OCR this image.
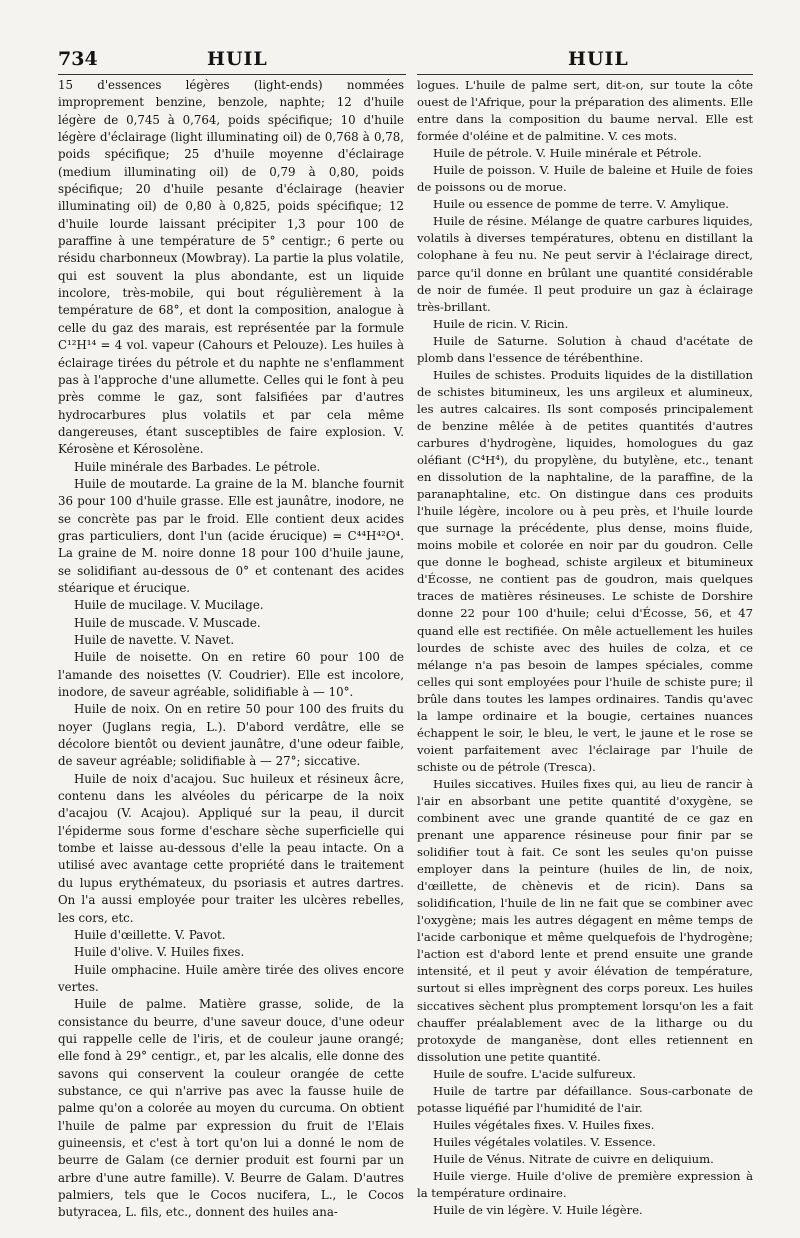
734	HUIL	HUIL

15 d'essences légères (light-ends) nommées improprement benzine, benzole, naphte; 12 d'huile légère de 0,745 à 0,764, poids spécifique; 10 d'huile légère d'éclairage (light illuminating oil) de 0,768 à 0,78, poids spécifique; 25 d'huile moyenne d'éclairage (medium illuminating oil) de 0,79 à 0,80, poids spécifique; 20 d'huile pesante d'éclairage (heavier illuminating oil) de 0,80 à 0,825, poids spécifique; 12 d'huile lourde laissant précipiter 1,3 pour 100 de paraffine à une température de 5° centigr.; 6 perte ou résidu charbonneux (Mowbray). La partie la plus volatile, qui est souvent la plus abondante, est un liquide incolore, très-mobile, qui bout régulièrement à la température de 68°, et dont la composition, analogue à celle du gaz des marais, est représentée par la formule C¹²H¹⁴ = 4 vol. vapeur (Cahours et Pelouze). Les huiles à éclairage tirées du pétrole et du naphte ne s'enflamment pas à l'approche d'une allumette. Celles qui le font à peu près comme le gaz, sont falsifiées par d'autres hydrocarbures plus volatils et par cela même dangereuses, étant susceptibles de faire explosion. V. Kérosène et Kérosolène.

Huile minérale des Barbades. Le pétrole.

Huile de moutarde. La graine de la M. blanche fournit 36 pour 100 d'huile grasse. Elle est jaunâtre, inodore, ne se concrète pas par le froid. Elle contient deux acides gras particuliers, dont l'un (acide érucique) = C⁴⁴H⁴²O⁴. La graine de M. noire donne 18 pour 100 d'huile jaune, se solidifiant au-dessous de 0° et contenant des acides stéarique et érucique.

Huile de mucilage. V. Mucilage.

Huile de muscade. V. Muscade.

Huile de navette. V. Navet.

Huile de noisette. On en retire 60 pour 100 de l'amande des noisettes (V. Coudrier). Elle est incolore, inodore, de saveur agréable, solidifiable à — 10°.

Huile de noix. On en retire 50 pour 100 des fruits du noyer (Juglans regia, L.). D'abord verdâtre, elle se décolore bientôt ou devient jaunâtre, d'une odeur faible, de saveur agréable; solidifiable à — 27°; siccative.

Huile de noix d'acajou. Suc huileux et résineux âcre, contenu dans les alvéoles du péricarpe de la noix d'acajou (V. Acajou). Appliqué sur la peau, il durcit l'épiderme sous forme d'eschare sèche superficielle qui tombe et laisse au-dessous d'elle la peau intacte. On a utilisé avec avantage cette propriété dans le traitement du lupus erythémateux, du psoriasis et autres dartres. On l'a aussi employée pour traiter les ulcères rebelles, les cors, etc.

Huile d'œillette. V. Pavot.

Huile d'olive. V. Huiles fixes.

Huile omphacine. Huile amère tirée des olives encore vertes.

Huile de palme. Matière grasse, solide, de la consistance du beurre, d'une saveur douce, d'une odeur qui rappelle celle de l'iris, et de couleur jaune orangé; elle fond à 29° centigr., et, par les alcalis, elle donne des savons qui conservent la couleur orangée de cette substance, ce qui n'arrive pas avec la fausse huile de palme qu'on a colorée au moyen du curcuma. On obtient l'huile de palme par expression du fruit de l'Elais guineensis, et c'est à tort qu'on lui a donné le nom de beurre de Galam (ce dernier produit est fourni par un arbre d'une autre famille). V. Beurre de Galam. D'autres palmiers, tels que le Cocos nucifera, L., le Cocos butyracea, L. fils, etc., donnent des huiles ana-

logues. L'huile de palme sert, dit-on, sur toute la côte ouest de l'Afrique, pour la préparation des aliments. Elle entre dans la composition du baume nerval. Elle est formée d'oléine et de palmitine. V. ces mots.

Huile de pétrole. V. Huile minérale et Pétrole.

Huile de poisson. V. Huile de baleine et Huile de foies de poissons ou de morue.

Huile ou essence de pomme de terre. V. Amylique.

Huile de résine. Mélange de quatre carbures liquides, volatils à diverses températures, obtenu en distillant la colophane à feu nu. Ne peut servir à l'éclairage direct, parce qu'il donne en brûlant une quantité considérable de noir de fumée. Il peut produire un gaz à éclairage très-brillant.

Huile de ricin. V. Ricin.

Huile de Saturne. Solution à chaud d'acétate de plomb dans l'essence de térébenthine.

Huiles de schistes. Produits liquides de la distillation de schistes bitumineux, les uns argileux et alumineux, les autres calcaires. Ils sont composés principalement de benzine mêlée à de petites quantités d'autres carbures d'hydrogène, liquides, homologues du gaz oléfiant (C⁴H⁴), du propylène, du butylène, etc., tenant en dissolution de la naphtaline, de la paraffine, de la paranaphtaline, etc. On distingue dans ces produits l'huile légère, incolore ou à peu près, et l'huile lourde que surnage la précédente, plus dense, moins fluide, moins mobile et colorée en noir par du goudron. Celle que donne le boghead, schiste argileux et bitumineux d'Écosse, ne contient pas de goudron, mais quelques traces de matières résineuses. Le schiste de Dorshire donne 22 pour 100 d'huile; celui d'Écosse, 56, et 47 quand elle est rectifiée. On mêle actuellement les huiles lourdes de schiste avec des huiles de colza, et ce mélange n'a pas besoin de lampes spéciales, comme celles qui sont employées pour l'huile de schiste pure; il brûle dans toutes les lampes ordinaires. Tandis qu'avec la lampe ordinaire et la bougie, certaines nuances échappent le soir, le bleu, le vert, le jaune et le rose se voient parfaitement avec l'éclairage par l'huile de schiste ou de pétrole (Tresca).

Huiles siccatives. Huiles fixes qui, au lieu de rancir à l'air en absorbant une petite quantité d'oxygène, se combinent avec une grande quantité de ce gaz en prenant une apparence résineuse pour finir par se solidifier tout à fait. Ce sont les seules qu'on puisse employer dans la peinture (huiles de lin, de noix, d'œillette, de chènevis et de ricin). Dans sa solidification, l'huile de lin ne fait que se combiner avec l'oxygène; mais les autres dégagent en même temps de l'acide carbonique et même quelquefois de l'hydrogène; l'action est d'abord lente et prend ensuite une grande intensité, et il peut y avoir élévation de température, surtout si elles imprègnent des corps poreux. Les huiles siccatives sèchent plus promptement lorsqu'on les a fait chauffer préalablement avec de la litharge ou du protoxyde de manganèse, dont elles retiennent en dissolution une petite quantité.

Huile de soufre. L'acide sulfureux.

Huile de tartre par défaillance. Sous-carbonate de potasse liquéfié par l'humidité de l'air.

Huiles végétales fixes. V. Huiles fixes.

Huiles végétales volatiles. V. Essence.

Huile de Vénus. Nitrate de cuivre en deliquium.

Huile vierge. Huile d'olive de première expression à la température ordinaire.

Huile de vin légère. V. Huile légère.
